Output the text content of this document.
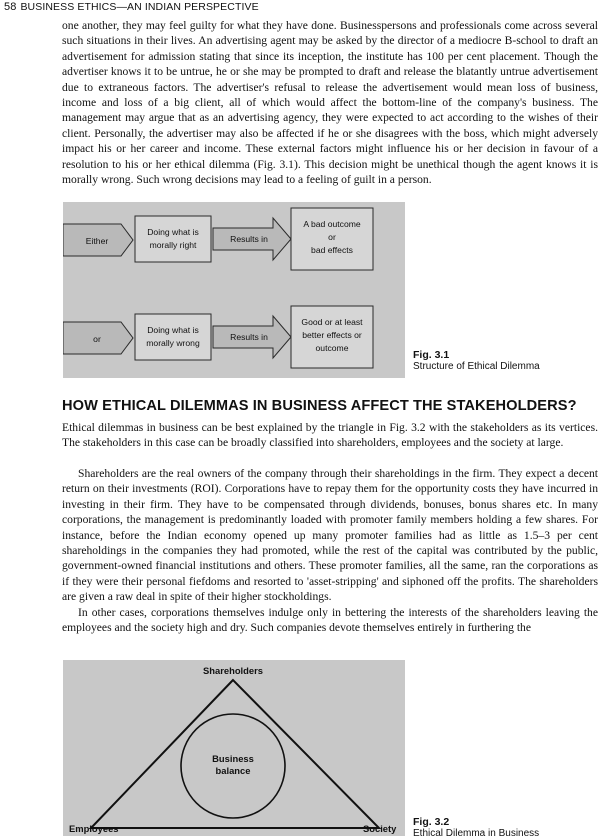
58 BUSINESS ETHICS—AN INDIAN PERSPECTIVE

one another, they may feel guilty for what they have done. Businesspersons and professionals come across several such situations in their lives. An advertising agent may be asked by the director of a mediocre B-school to draft an advertisement for admission stating that since its inception, the institute has 100 per cent placement. Though the advertiser knows it to be untrue, he or she may be prompted to draft and release the blatantly untrue advertisement due to extraneous factors. The advertiser's refusal to release the advertisement would mean loss of business, income and loss of a big client, all of which would affect the bottom-line of the company's business. The management may argue that as an advertising agency, they were expected to act according to the wishes of their client. Personally, the advertiser may also be affected if he or she disagrees with the boss, which might adversely impact his or her career and income. These external factors might influence his or her decision in favour of a resolution to his or her ethical dilemma (Fig. 3.1). This decision might be unethical though the agent knows it is morally wrong. Such wrong decisions may lead to a feeling of guilt in a person.

Either
Doing what is
morally right
Results in
A bad outcome
or
bad effects
or
Doing what is
morally wrong
Results in
Good or at least
better effects or
outcome
Fig. 3.1
Structure of Ethical Dilemma
HOW ETHICAL DILEMMAS IN BUSINESS AFFECT THE STAKEHOLDERS?

Ethical dilemmas in business can be best explained by the triangle in Fig. 3.2 with the stakeholders as its vertices. The stakeholders in this case can be broadly classified into shareholders, employees and the society at large.

Shareholders are the real owners of the company through their shareholdings in the firm. They expect a decent return on their investments (ROI). Corporations have to repay them for the opportunity costs they have incurred in investing in their firm. They have to be compensated through dividends, bonuses, bonus shares etc. In many corporations, the management is predominantly loaded with promoter family members holding a few shares. For instance, before the Indian economy opened up many promoter families had as little as 1.5–3 per cent shareholdings in the companies they had promoted, while the rest of the capital was contributed by the public, government-owned financial institutions and others. These promoter families, all the same, ran the corporations as if they were their personal fiefdoms and resorted to 'asset-stripping' and siphoned off the profits. The shareholders are given a raw deal in spite of their higher stockholdings.

In other cases, corporations themselves indulge only in bettering the interests of the shareholders leaving the employees and the society high and dry. Such companies devote themselves entirely in furthering the

Shareholders
Employees	Society
Business
balance
Fig. 3.2
Ethical Dilemma in Business
